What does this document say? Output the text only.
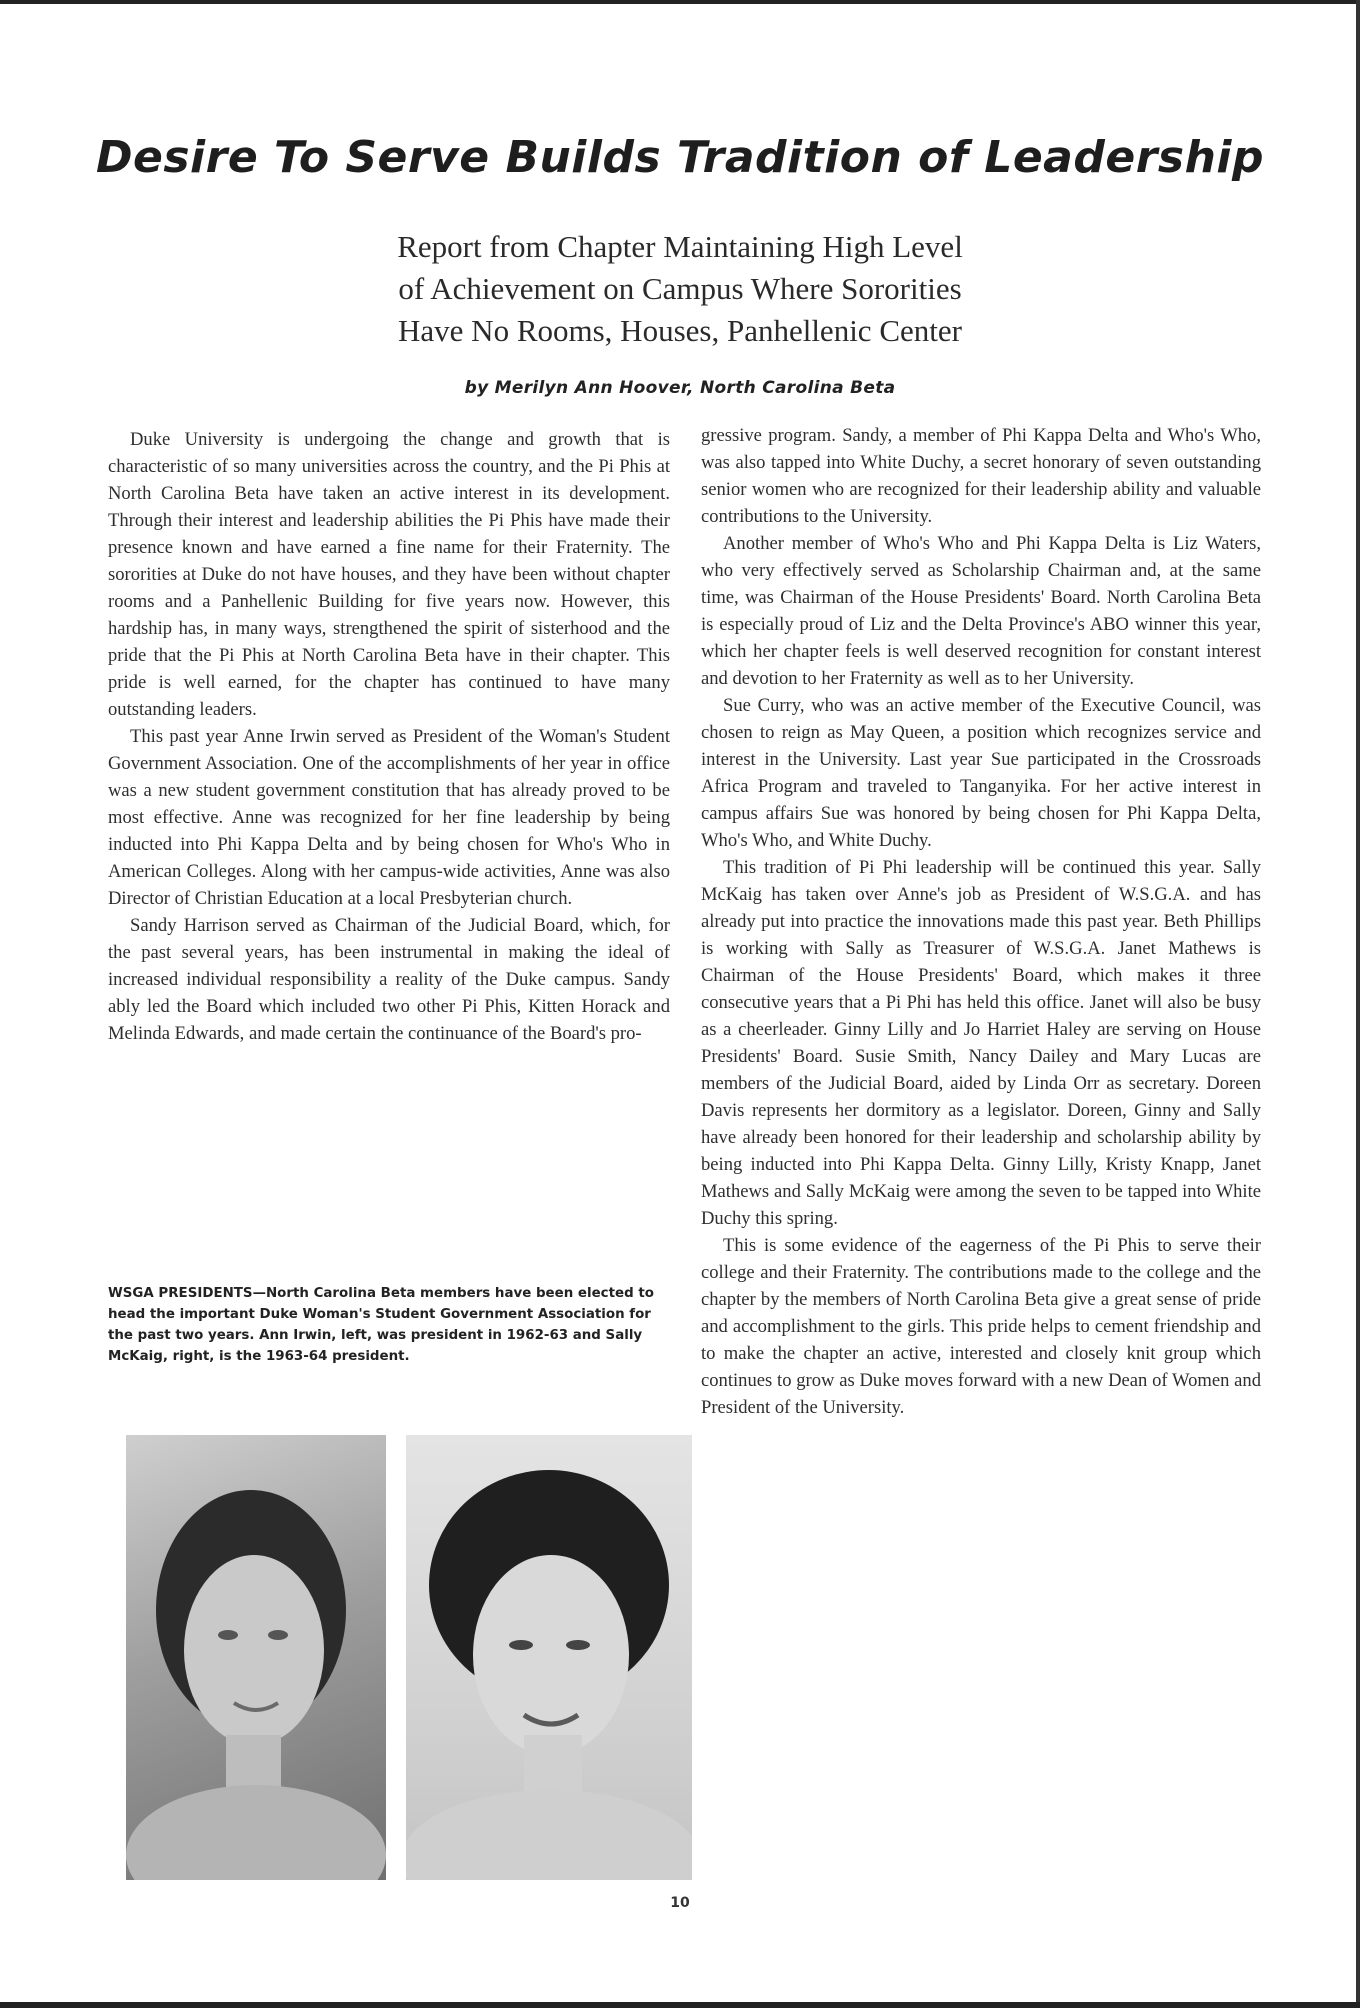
Desire To Serve Builds Tradition of Leadership
Report from Chapter Maintaining High Level
of Achievement on Campus Where Sororities
Have No Rooms, Houses, Panhellenic Center
by Merilyn Ann Hoover, North Carolina Beta

Duke University is undergoing the change and growth that is characteristic of so many universities across the country, and the Pi Phis at North Carolina Beta have taken an active interest in its development. Through their interest and leadership abilities the Pi Phis have made their presence known and have earned a fine name for their Fraternity. The sororities at Duke do not have houses, and they have been without chapter rooms and a Panhellenic Building for five years now. However, this hardship has, in many ways, strengthened the spirit of sisterhood and the pride that the Pi Phis at North Carolina Beta have in their chapter. This pride is well earned, for the chapter has continued to have many outstanding leaders.

This past year Anne Irwin served as President of the Woman's Student Government Association. One of the accomplishments of her year in office was a new student government constitution that has already proved to be most effective. Anne was recognized for her fine leadership by being inducted into Phi Kappa Delta and by being chosen for Who's Who in American Colleges. Along with her campus-wide activities, Anne was also Director of Christian Education at a local Presbyterian church.

Sandy Harrison served as Chairman of the Judicial Board, which, for the past several years, has been instrumental in making the ideal of increased individual responsibility a reality of the Duke campus. Sandy ably led the Board which included two other Pi Phis, Kitten Horack and Melinda Edwards, and made certain the continuance of the Board's pro-

WSGA PRESIDENTS—North Carolina Beta members have been elected to head the important Duke Woman's Student Government Association for the past two years. Ann Irwin, left, was president in 1962-63 and Sally McKaig, right, is the 1963-64 president.

gressive program. Sandy, a member of Phi Kappa Delta and Who's Who, was also tapped into White Duchy, a secret honorary of seven outstanding senior women who are recognized for their leadership ability and valuable contributions to the University.

Another member of Who's Who and Phi Kappa Delta is Liz Waters, who very effectively served as Scholarship Chairman and, at the same time, was Chairman of the House Presidents' Board. North Carolina Beta is especially proud of Liz and the Delta Province's ABO winner this year, which her chapter feels is well deserved recognition for constant interest and devotion to her Fraternity as well as to her University.

Sue Curry, who was an active member of the Executive Council, was chosen to reign as May Queen, a position which recognizes service and interest in the University. Last year Sue participated in the Crossroads Africa Program and traveled to Tanganyika. For her active interest in campus affairs Sue was honored by being chosen for Phi Kappa Delta, Who's Who, and White Duchy.

This tradition of Pi Phi leadership will be continued this year. Sally McKaig has taken over Anne's job as President of W.S.G.A. and has already put into practice the innovations made this past year. Beth Phillips is working with Sally as Treasurer of W.S.G.A. Janet Mathews is Chairman of the House Presidents' Board, which makes it three consecutive years that a Pi Phi has held this office. Janet will also be busy as a cheerleader. Ginny Lilly and Jo Harriet Haley are serving on House Presidents' Board. Susie Smith, Nancy Dailey and Mary Lucas are members of the Judicial Board, aided by Linda Orr as secretary. Doreen Davis represents her dormitory as a legislator. Doreen, Ginny and Sally have already been honored for their leadership and scholarship ability by being inducted into Phi Kappa Delta. Ginny Lilly, Kristy Knapp, Janet Mathews and Sally McKaig were among the seven to be tapped into White Duchy this spring.

This is some evidence of the eagerness of the Pi Phis to serve their college and their Fraternity. The contributions made to the college and the chapter by the members of North Carolina Beta give a great sense of pride and accomplishment to the girls. This pride helps to cement friendship and to make the chapter an active, interested and closely knit group which continues to grow as Duke moves forward with a new Dean of Women and President of the University.

10
